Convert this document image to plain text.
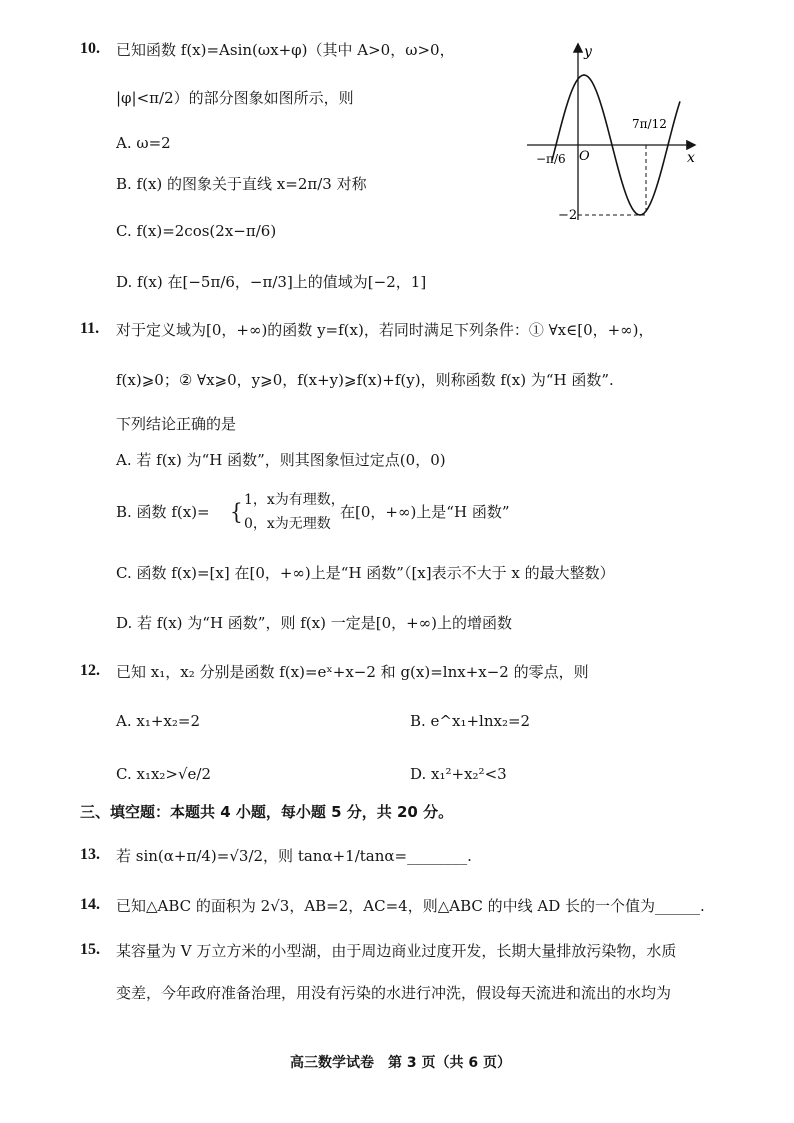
10. 已知函数 f(x)=Asin(ωx+φ)（其中 A>0，ω>0，
|φ|<π/2）的部分图象如图所示，则
A. ω=2
B. f(x) 的图象关于直线 x=2π/3 对称
C. f(x)=2cos(2x−π/6)
D. f(x) 在[−5π/6，−π/3]上的值域为[−2，1]
y
x
O
−π/6
7π/12
−2
11. 对于定义域为[0，+∞)的函数 y=f(x)，若同时满足下列条件：① ∀x∈[0，+∞)，
f(x)⩾0；② ∀x⩾0，y⩾0，f(x+y)⩾f(x)+f(y)，则称函数 f(x) 为“H 函数”.
下列结论正确的是
A. 若 f(x) 为“H 函数”，则其图象恒过定点(0，0)
B. 函数 f(x)= { 1，x为有理数，
0，x为无理数
在[0，+∞)上是“H 函数”
C. 函数 f(x)=[x] 在[0，+∞)上是“H 函数”（[x]表示不大于 x 的最大整数）
D. 若 f(x) 为“H 函数”，则 f(x) 一定是[0，+∞)上的增函数
12. 已知 x₁，x₂ 分别是函数 f(x)=eˣ+x−2 和 g(x)=lnx+x−2 的零点，则
A. x₁+x₂=2	B. e^x₁+lnx₂=2
C. x₁x₂>√e/2	D. x₁²+x₂²<3
三、填空题：本题共 4 小题，每小题 5 分，共 20 分。
13. 若 sin(α+π/4)=√3/2，则 tanα+1/tanα=________.
14. 已知△ABC 的面积为 2√3，AB=2，AC=4，则△ABC 的中线 AD 长的一个值为______.
15. 某容量为 V 万立方米的小型湖，由于周边商业过度开发，长期大量排放污染物，水质
变差，今年政府准备治理，用没有污染的水进行冲洗，假设每天流进和流出的水均为
高三数学试卷　第 3 页（共 6 页）
